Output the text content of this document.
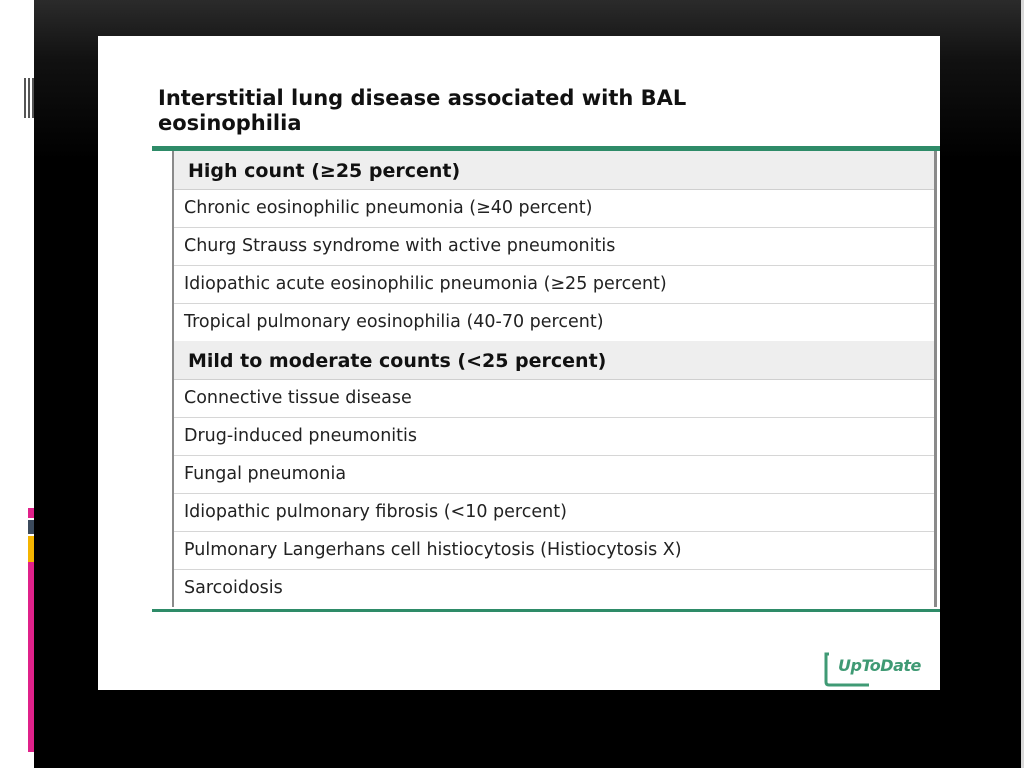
Interstitial lung disease associated with BAL
eosinophilia
High count (≥25 percent)
Chronic eosinophilic pneumonia (≥40 percent)
Churg Strauss syndrome with active pneumonitis
Idiopathic acute eosinophilic pneumonia (≥25 percent)
Tropical pulmonary eosinophilia (40-70 percent)
Mild to moderate counts (<25 percent)
Connective tissue disease
Drug-induced pneumonitis
Fungal pneumonia
Idiopathic pulmonary fibrosis (<10 percent)
Pulmonary Langerhans cell histiocytosis (Histiocytosis X)
Sarcoidosis
UpToDate
